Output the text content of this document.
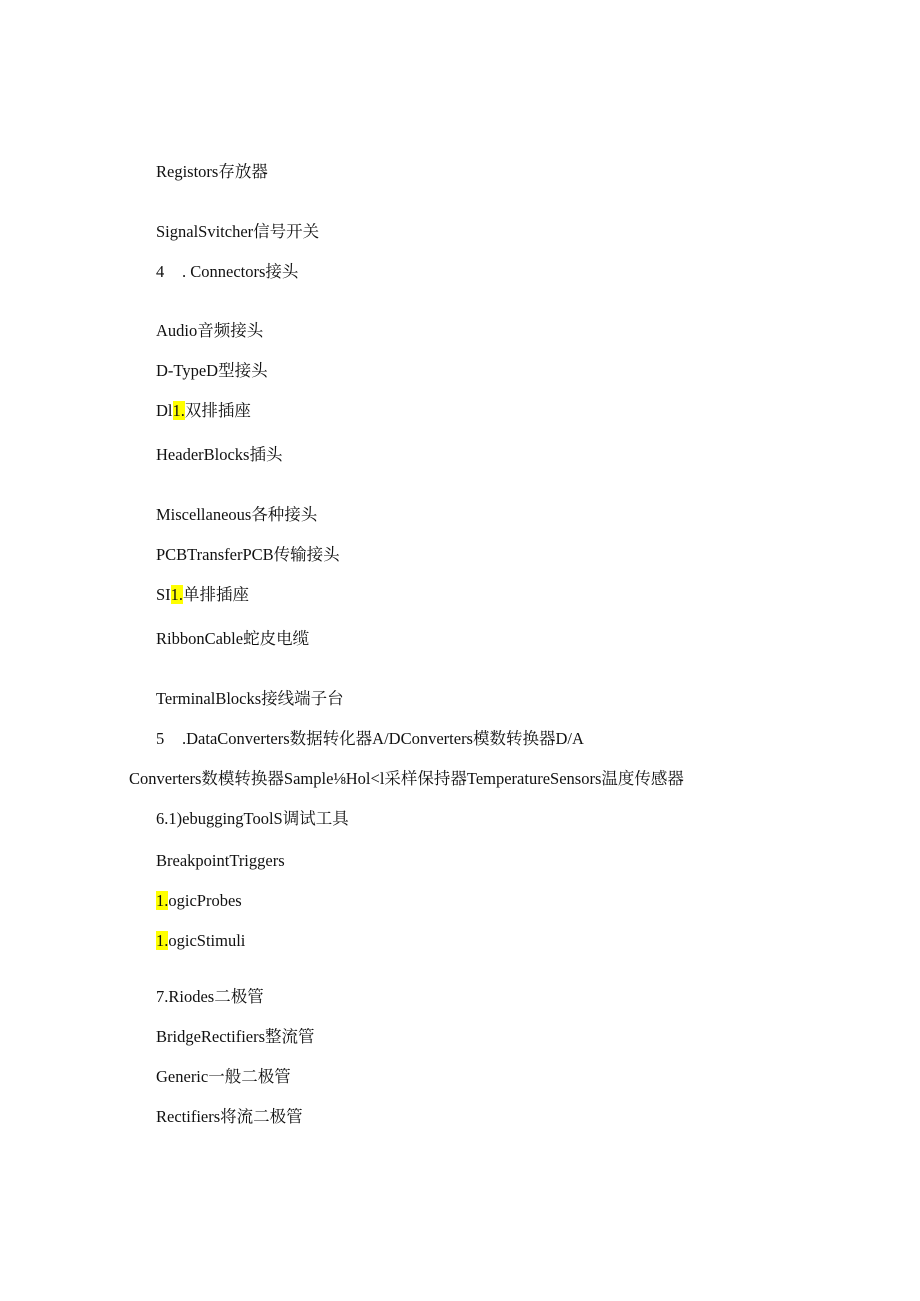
Registors存放器
SignalSvitcher信号开关
4 . Connectors接头
Audio音频接头
D-TypeD型接头
Dl1.双排插座
HeaderBlocks插头
Miscellaneous各种接头
PCBTransferPCB传输接头
SI1.单排插座
RibbonCable蛇皮电缆
TerminalBlocks接线端子台
5 .DataConverters数据转化器A/DConverters模数转换器D/A
Converters数模转换器Sample⅛Hol<l采样保持器TemperatureSensors温度传感器
6.1)ebuggingToolS调试工具
BreakpointTriggers
1.ogicProbes
1.ogicStimuli
7.Riodes二极管
BridgeRectifiers整流管
Generic一般二极管
Rectifiers将流二极管
